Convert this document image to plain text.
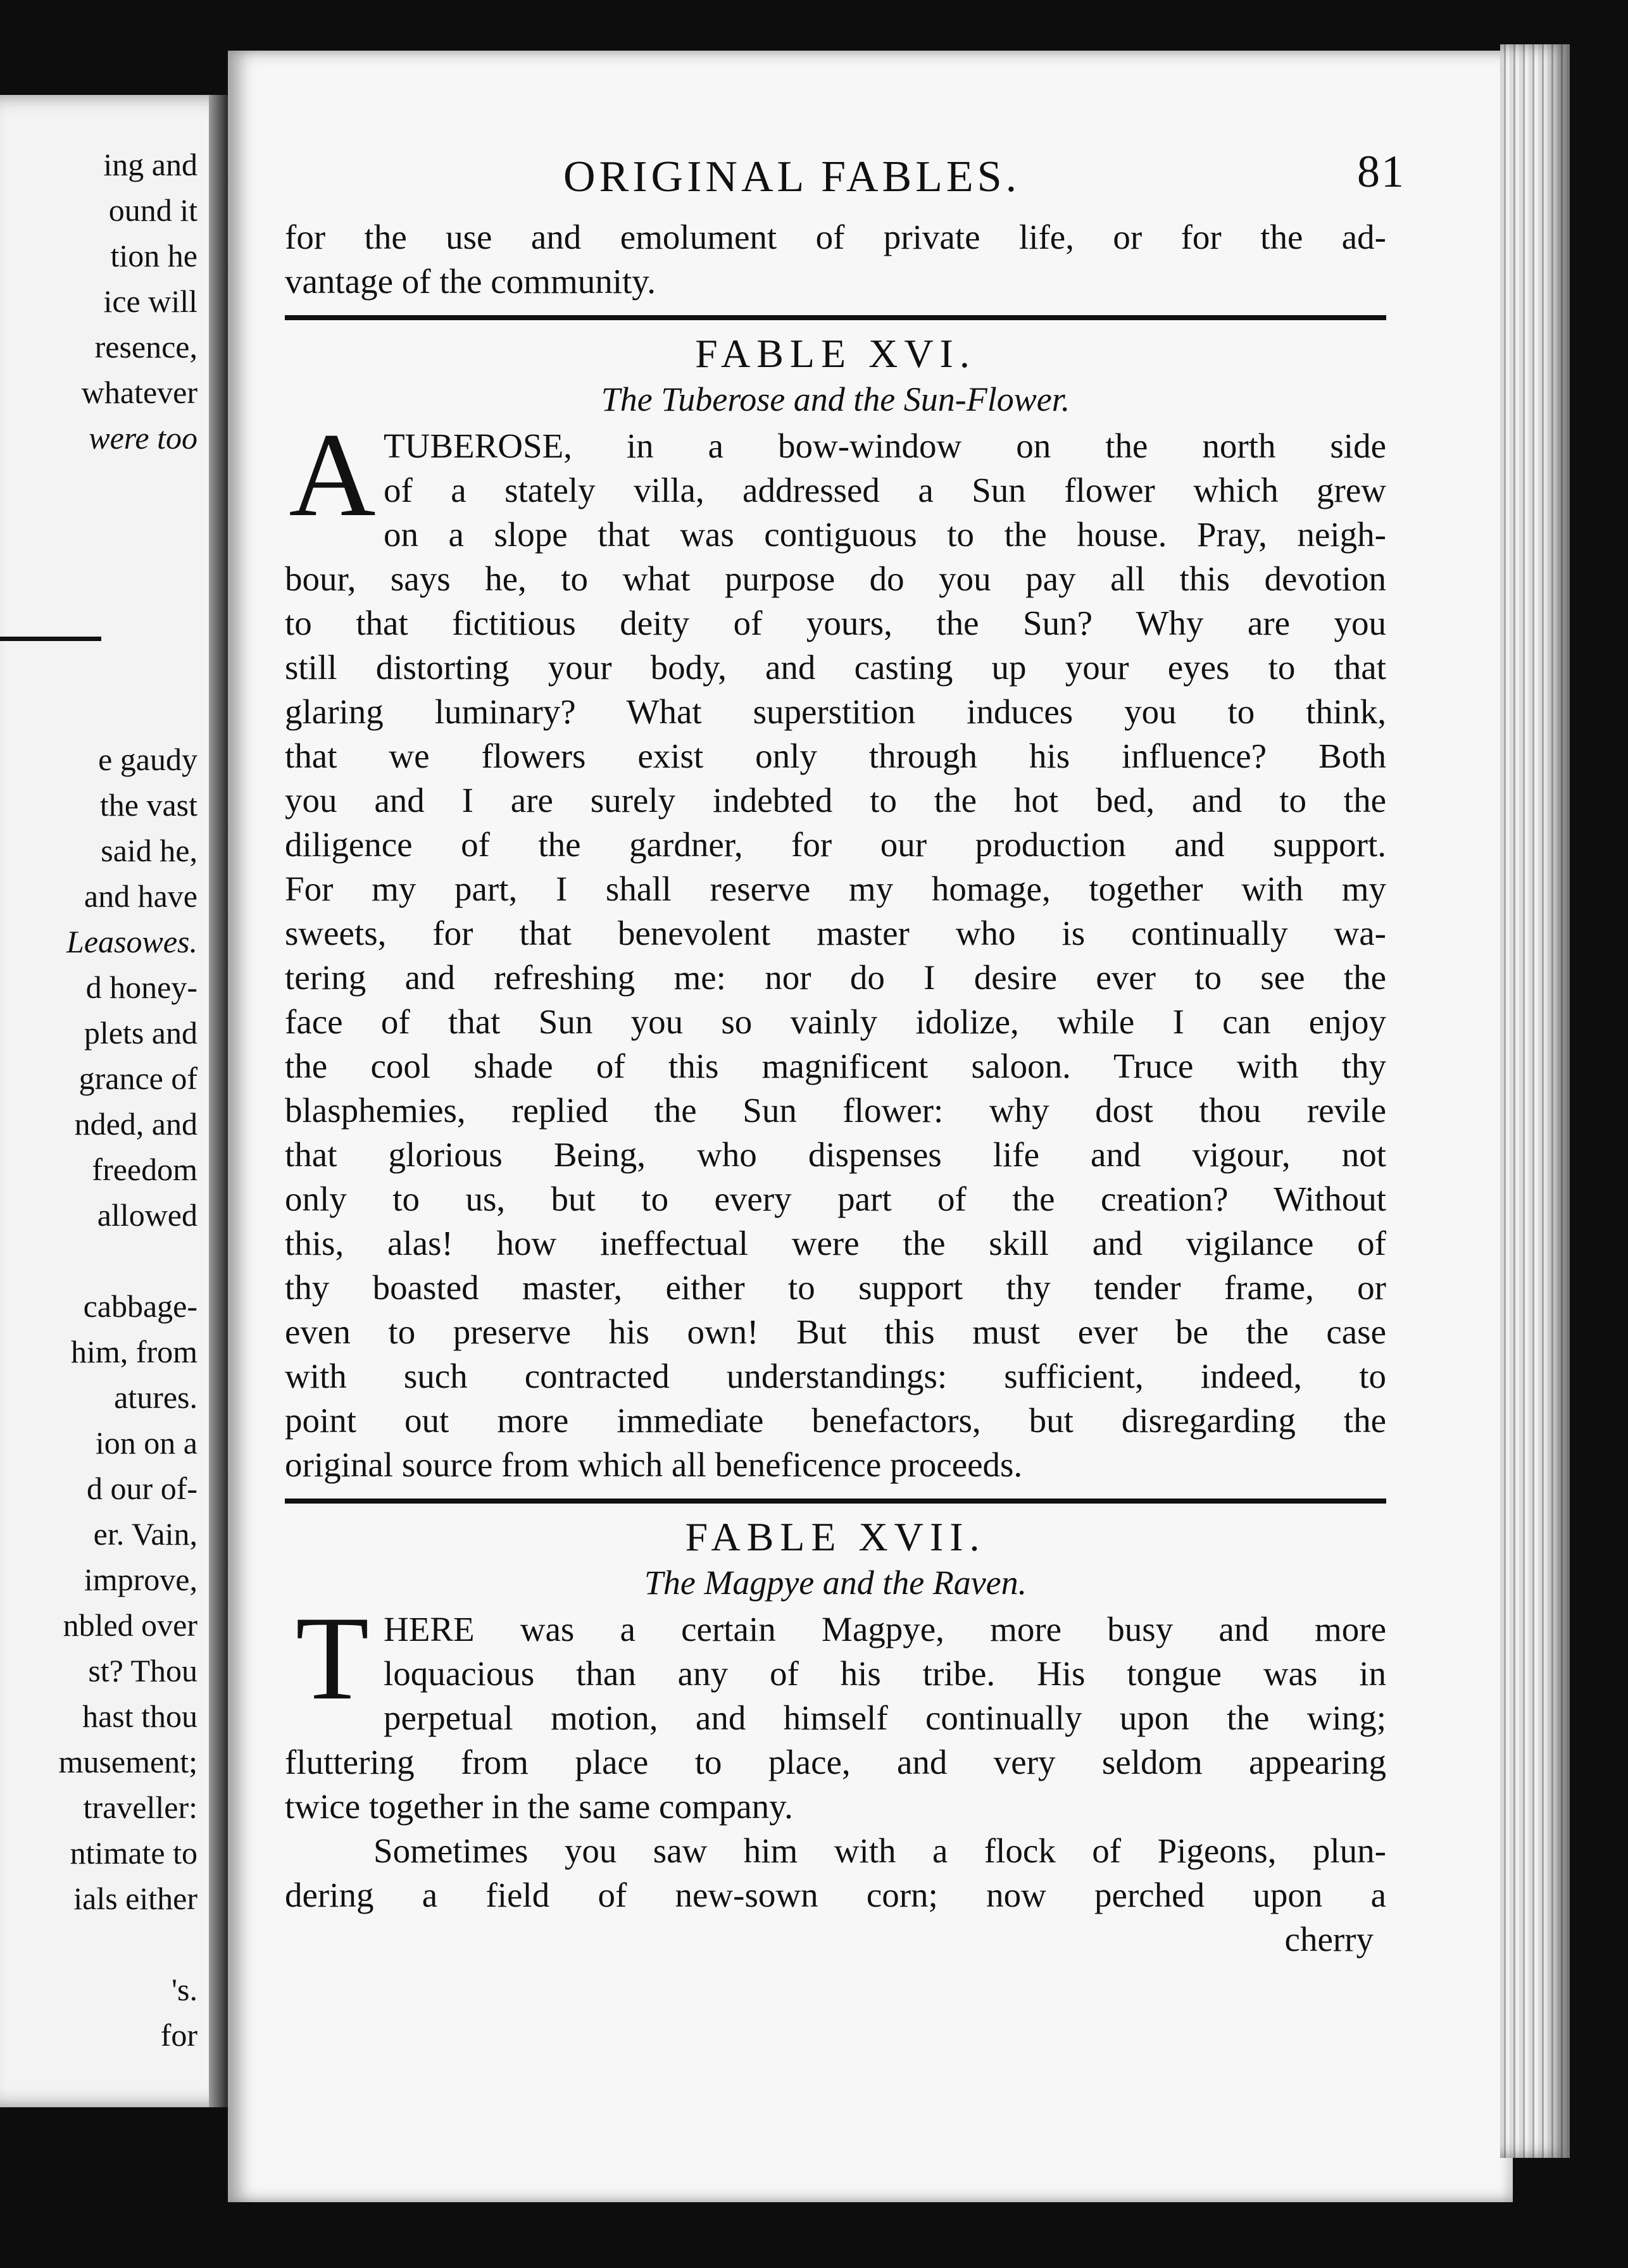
ing and
ound it
tion he
ice will
resence,
whatever
were too
e gaudy
the vast
said he,
and have
Leasowes.
d honey-
plets and
grance of
nded, and
freedom
allowed
cabbage-
him, from
atures.
ion on a
d our of-
er. Vain,
improve,
nbled over
st? Thou
hast thou
musement;
traveller:
ntimate to
ials either
's.
for
ORIGINAL FABLES.	81
for the use and emolument of private life, or for the ad-
vantage of the community.
FABLE XVI.
The Tuberose and the Sun-Flower.
A TUBEROSE, in a bow-window on the north side
of a stately villa, addressed a Sun flower which grew
on a slope that was contiguous to the house. Pray, neigh-
bour, says he, to what purpose do you pay all this devotion
to that fictitious deity of yours, the Sun? Why are you
still distorting your body, and casting up your eyes to that
glaring luminary? What superstition induces you to think,
that we flowers exist only through his influence? Both
you and I are surely indebted to the hot bed, and to the
diligence of the gardner, for our production and support.
For my part, I shall reserve my homage, together with my
sweets, for that benevolent master who is continually wa-
tering and refreshing me: nor do I desire ever to see the
face of that Sun you so vainly idolize, while I can enjoy
the cool shade of this magnificent saloon. Truce with thy
blasphemies, replied the Sun flower: why dost thou revile
that glorious Being, who dispenses life and vigour, not
only to us, but to every part of the creation? Without
this, alas! how ineffectual were the skill and vigilance of
thy boasted master, either to support thy tender frame, or
even to preserve his own! But this must ever be the case
with such contracted understandings: sufficient, indeed, to
point out more immediate benefactors, but disregarding the
original source from which all beneficence proceeds.
FABLE XVII.
The Magpye and the Raven.
T HERE was a certain Magpye, more busy and more
loquacious than any of his tribe. His tongue was in
perpetual motion, and himself continually upon the wing;
fluttering from place to place, and very seldom appearing
twice together in the same company.
Sometimes you saw him with a flock of Pigeons, plun-
dering a field of new-sown corn; now perched upon a
cherry
